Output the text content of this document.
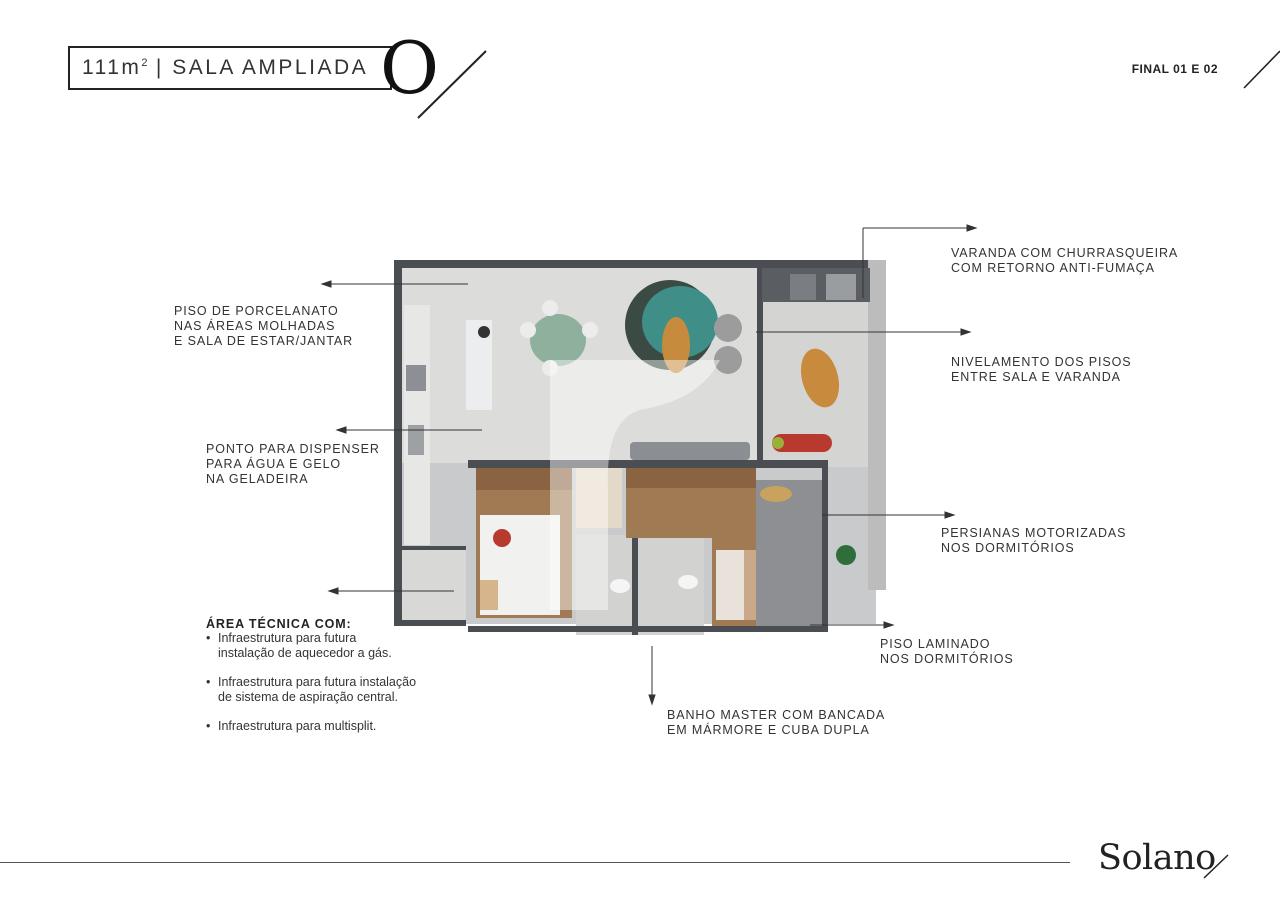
$111m^2$ | SALA AMPLIADA O	FINAL 01 E 02
PISO DE PORCELANATO
NAS ÁREAS MOLHADAS
E SALA DE ESTAR/JANTAR
PONTO PARA DISPENSER
PARA ÁGUA E GELO
NA GELADEIRA
ÁREA TÉCNICA COM:
• Infraestrutura para futura
instalação de aquecedor a gás.
• Infraestrutura para futura instalação
de sistema de aspiração central.
• Infraestrutura para multisplit.
VARANDA COM CHURRASQUEIRA
COM RETORNO ANTI-FUMAÇA
NIVELAMENTO DOS PISOS
ENTRE SALA E VARANDA
PERSIANAS MOTORIZADAS
NOS DORMITÓRIOS
PISO LAMINADO
NOS DORMITÓRIOS
BANHO MASTER COM BANCADA
EM MÁRMORE E CUBA DUPLA
Solano
